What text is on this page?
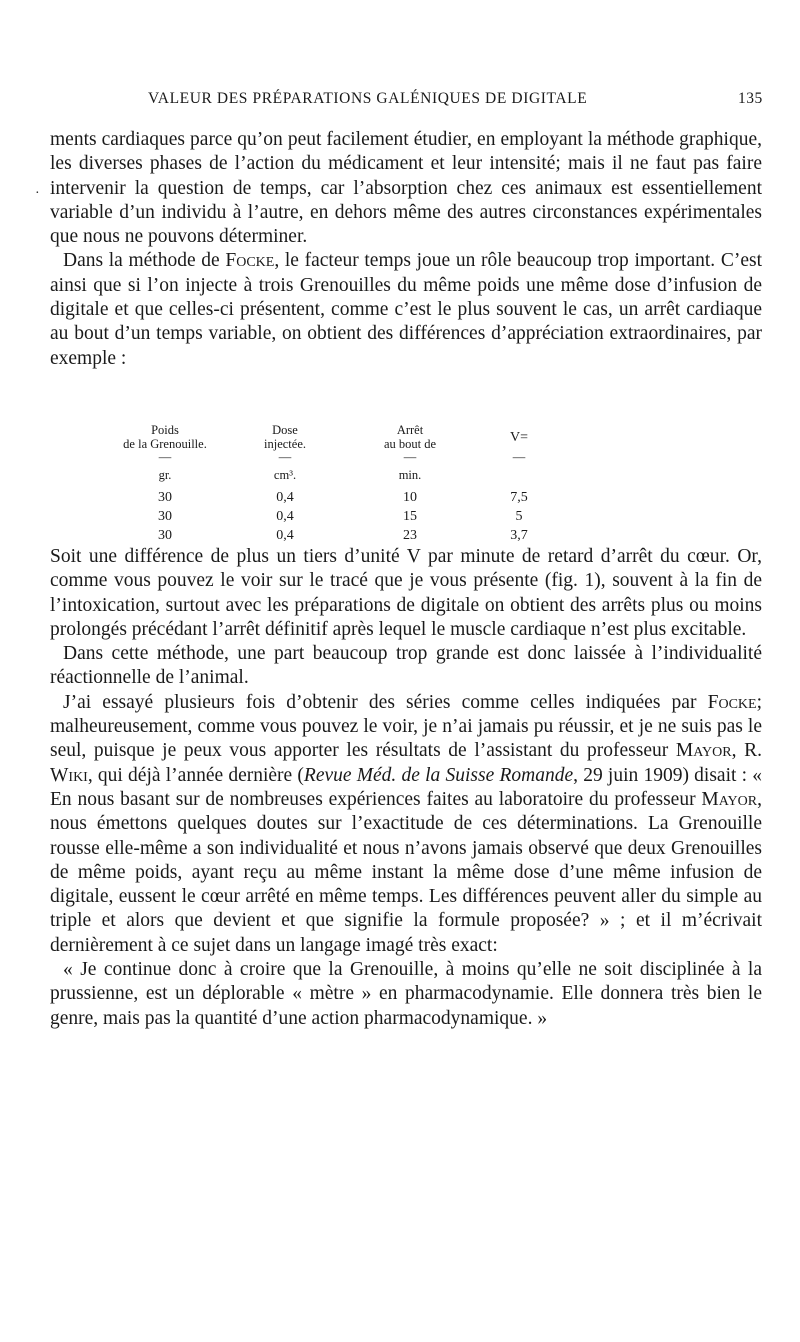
VALEUR DES PRÉPARATIONS GALÉNIQUES DE DIGITALE	135
·

ments cardiaques parce qu’on peut facilement étudier, en employant la méthode graphique, les diverses phases de l’action du médicament et leur intensité; mais il ne faut pas faire intervenir la question de temps, car l’absorption chez ces animaux est essentiellement variable d’un individu à l’autre, en dehors même des autres circonstances expérimentales que nous ne pouvons déterminer.

Dans la méthode de Focke, le facteur temps joue un rôle beaucoup trop important. C’est ainsi que si l’on injecte à trois Grenouilles du même poids une même dose d’infusion de digitale et que celles-ci présentent, comme c’est le plus souvent le cas, un arrêt cardiaque au bout d’un temps variable, on obtient des différences d’appréciation extraordinaires, par exemple :

Poids
de la Grenouille.
—
gr.
30
30
30
Dose
injectée.
—
cm³.
0,4
0,4
0,4
Arrêt
au bout de
—
min.
10
15
23
V=
—
7,5
5
3,7

Soit une différence de plus un tiers d’unité V par minute de retard d’arrêt du cœur. Or, comme vous pouvez le voir sur le tracé que je vous présente (fig. 1), souvent à la fin de l’intoxication, surtout avec les préparations de digitale on obtient des arrêts plus ou moins prolongés précédant l’arrêt définitif après lequel le muscle cardiaque n’est plus excitable.

Dans cette méthode, une part beaucoup trop grande est donc laissée à l’individualité réactionnelle de l’animal.

J’ai essayé plusieurs fois d’obtenir des séries comme celles indiquées par Focke; malheureusement, comme vous pouvez le voir, je n’ai jamais pu réussir, et je ne suis pas le seul, puisque je peux vous apporter les résultats de l’assistant du professeur Mayor, R. Wiki, qui déjà l’année dernière (Revue Méd. de la Suisse Romande, 29 juin 1909) disait : « En nous basant sur de nombreuses expériences faites au laboratoire du professeur Mayor, nous émettons quelques doutes sur l’exactitude de ces déterminations. La Grenouille rousse elle-même a son individualité et nous n’avons jamais observé que deux Grenouilles de même poids, ayant reçu au même instant la même dose d’une même infusion de digitale, eussent le cœur arrêté en même temps. Les différences peuvent aller du simple au triple et alors que devient et que signifie la formule proposée? » ; et il m’écrivait dernièrement à ce sujet dans un langage imagé très exact:

« Je continue donc à croire que la Grenouille, à moins qu’elle ne soit disciplinée à la prussienne, est un déplorable « mètre » en pharmacodynamie. Elle donnera très bien le genre, mais pas la quantité d’une action pharmacodynamique. »
